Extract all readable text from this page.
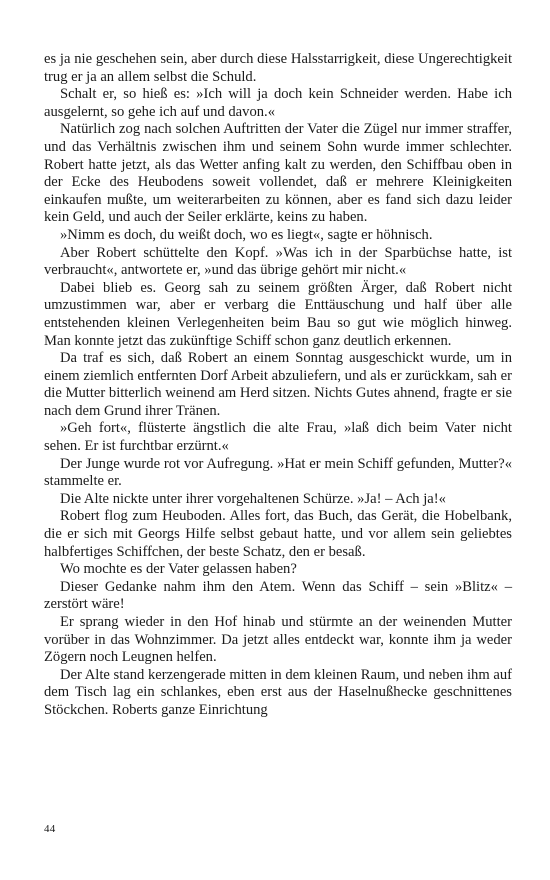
es ja nie geschehen sein, aber durch diese Halsstarrigkeit, diese Ungerechtigkeit trug er ja an allem selbst die Schuld.

Schalt er, so hieß es: »Ich will ja doch kein Schneider werden. Habe ich ausgelernt, so gehe ich auf und davon.«

Natürlich zog nach solchen Auftritten der Vater die Zügel nur immer straffer, und das Verhältnis zwischen ihm und seinem Sohn wurde immer schlechter. Robert hatte jetzt, als das Wetter anfing kalt zu werden, den Schiffbau oben in der Ecke des Heubodens soweit vollendet, daß er mehrere Kleinigkeiten einkaufen mußte, um weiterarbeiten zu können, aber es fand sich dazu leider kein Geld, und auch der Seiler erklärte, keins zu haben.

»Nimm es doch, du weißt doch, wo es liegt«, sagte er höhnisch.

Aber Robert schüttelte den Kopf. »Was ich in der Sparbüchse hatte, ist verbraucht«, antwortete er, »und das übrige gehört mir nicht.«

Dabei blieb es. Georg sah zu seinem größten Ärger, daß Robert nicht umzustimmen war, aber er verbarg die Enttäuschung und half über alle entstehenden kleinen Verlegenheiten beim Bau so gut wie möglich hinweg. Man konnte jetzt das zukünftige Schiff schon ganz deutlich erkennen.

Da traf es sich, daß Robert an einem Sonntag ausgeschickt wurde, um in einem ziemlich entfernten Dorf Arbeit abzuliefern, und als er zurückkam, sah er die Mutter bitterlich weinend am Herd sitzen. Nichts Gutes ahnend, fragte er sie nach dem Grund ihrer Tränen.

»Geh fort«, flüsterte ängstlich die alte Frau, »laß dich beim Vater nicht sehen. Er ist furchtbar erzürnt.«

Der Junge wurde rot vor Aufregung. »Hat er mein Schiff gefunden, Mutter?« stammelte er.

Die Alte nickte unter ihrer vorgehaltenen Schürze. »Ja! – Ach ja!«

Robert flog zum Heuboden. Alles fort, das Buch, das Gerät, die Hobelbank, die er sich mit Georgs Hilfe selbst gebaut hatte, und vor allem sein geliebtes halbfertiges Schiffchen, der beste Schatz, den er besaß.

Wo mochte es der Vater gelassen haben?

Dieser Gedanke nahm ihm den Atem. Wenn das Schiff – sein »Blitz« – zerstört wäre!

Er sprang wieder in den Hof hinab und stürmte an der weinenden Mutter vorüber in das Wohnzimmer. Da jetzt alles entdeckt war, konnte ihm ja weder Zögern noch Leugnen helfen.

Der Alte stand kerzengerade mitten in dem kleinen Raum, und neben ihm auf dem Tisch lag ein schlankes, eben erst aus der Haselnußhecke geschnittenes Stöckchen. Roberts ganze Einrichtung

44
